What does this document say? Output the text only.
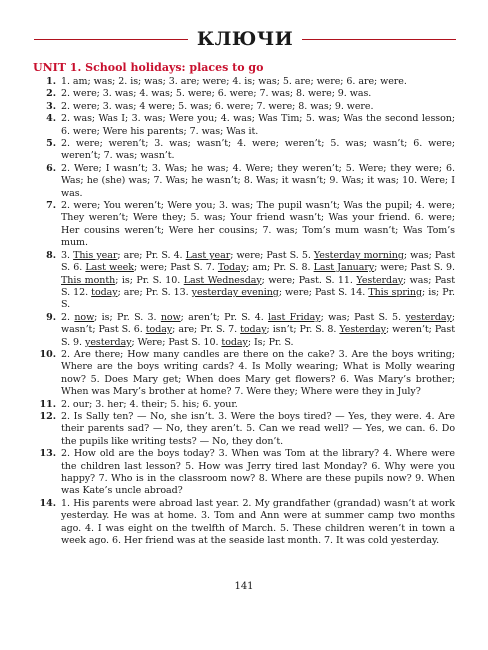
КЛЮЧИ
UNIT 1. School holidays: places to go
1. 1. am; was; 2. is; was; 3. are; were; 4. is; was; 5. are; were; 6. are; were.
2. 2. were; 3. was; 4. was; 5. were; 6. were; 7. was; 8. were; 9. was.
3. 2. were; 3. was; 4 were; 5. was; 6. were; 7. were; 8. was; 9. were.
4. 2. was; Was I; 3. was; Were you; 4. was; Was Tim; 5. was; Was the second lesson; 6. were; Were his parents; 7. was; Was it.
5. 2. were; weren’t; 3. was; wasn’t; 4. were; weren’t; 5. was; wasn’t; 6. were; weren’t; 7. was; wasn’t.
6. 2. Were; I wasn’t; 3. Was; he was; 4. Were; they weren’t; 5. Were; they were; 6. Was; he (she) was; 7. Was; he wasn’t; 8. Was; it wasn’t; 9. Was; it was; 10. Were; I was.
7. 2. were; You weren’t; Were you; 3. was; The pupil wasn’t; Was the pupil; 4. were; They weren’t; Were they; 5. was; Your friend wasn’t; Was your friend. 6. were; Her cousins weren’t; Were her cousins; 7. was; Tom’s mum wasn’t; Was Tom’s mum.
8. 3. This year; are; Pr. S. 4. Last year; were; Past S. 5. Yesterday morning; was; Past S. 6. Last week; were; Past S. 7. Today; am; Pr. S. 8. Last January; were; Past S. 9. This month; is; Pr. S. 10. Last Wednesday; were; Past. S. 11. Yesterday; was; Past S. 12. today; are; Pr. S. 13. yesterday evening; were; Past S. 14. This spring; is; Pr. S.
9. 2. now; is; Pr. S. 3. now; aren’t; Pr. S. 4. last Friday; was; Past S. 5. yesterday; wasn’t; Past S. 6. today; are; Pr. S. 7. today; isn’t; Pr. S. 8. Yesterday; weren’t; Past S. 9. yesterday; Were; Past S. 10. today; Is; Pr. S.
10. 2. Are there; How many candles are there on the cake? 3. Are the boys writing; Where are the boys writing cards? 4. Is Molly wearing; What is Molly wearing now? 5. Does Mary get; When does Mary get flowers? 6. Was Mary’s brother; When was Mary’s brother at home? 7. Were they; Where were they in July?
11. 2. our; 3. her; 4. their; 5. his; 6. your.
12. 2. Is Sally ten? — No, she isn’t. 3. Were the boys tired? — Yes, they were. 4. Are their parents sad? — No, they aren’t. 5. Can we read well? — Yes, we can. 6. Do the pupils like writing tests? — No, they don’t.
13. 2. How old are the boys today? 3. When was Tom at the library? 4. Where were the children last lesson? 5. How was Jerry tired last Monday? 6. Why were you happy? 7. Who is in the classroom now? 8. Where are these pupils now? 9. When was Kate’s uncle abroad?
14. 1. His parents were abroad last year. 2. My grandfather (grandad) wasn’t at work yesterday. He was at home. 3. Tom and Ann were at summer camp two months ago. 4. I was eight on the twelfth of March. 5. These children weren’t in town a week ago. 6. Her friend was at the seaside last month. 7. It was cold yesterday.
141
